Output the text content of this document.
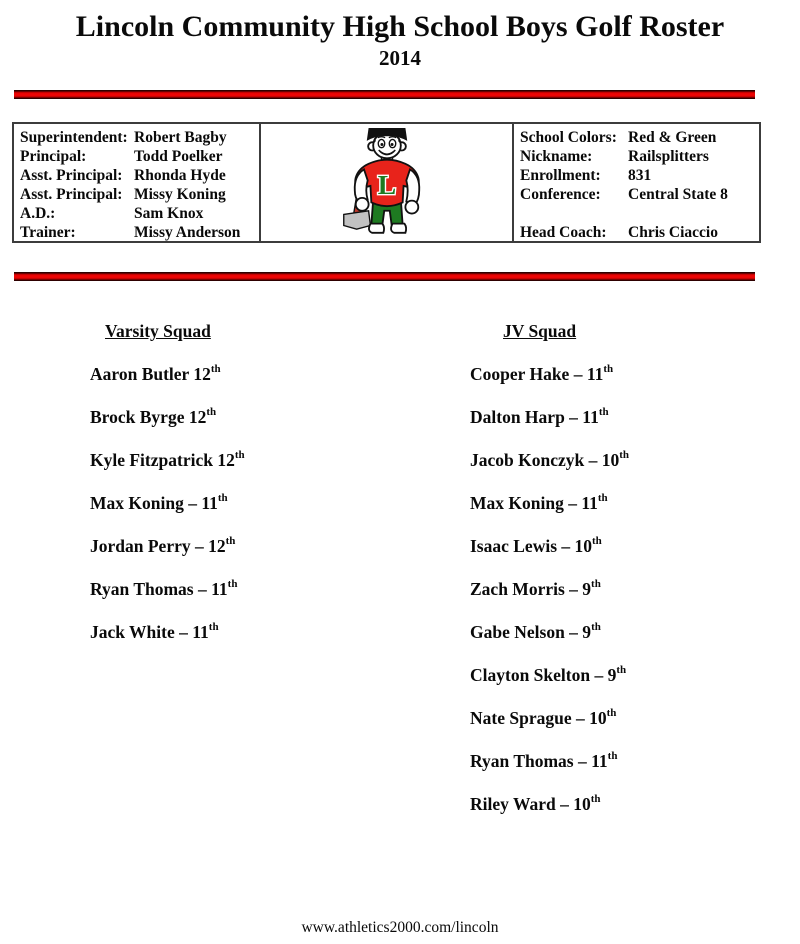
Lincoln Community High School Boys Golf Roster
2014
Superintendent: Robert Bagby
Principal:	Todd Poelker
Asst. Principal: Rhonda Hyde
Asst. Principal: Missy Koning
A.D.:	Sam Knox
Trainer:	Missy Anderson
L
School Colors: Red & Green
Nickname:	Railsplitters
Enrollment:	831
Conference:	Central State 8

Head Coach:	Chris Ciaccio
Varsity Squad
Aaron Butler 12th
Brock Byrge 12th
Kyle Fitzpatrick 12th
Max Koning – 11th
Jordan Perry – 12th
Ryan Thomas – 11th
Jack White – 11th
JV Squad
Cooper Hake – 11th
Dalton Harp – 11th
Jacob Konczyk – 10th
Max Koning – 11th
Isaac Lewis – 10th
Zach Morris – 9th
Gabe Nelson – 9th
Clayton Skelton – 9th
Nate Sprague – 10th
Ryan Thomas – 11th
Riley Ward – 10th
www.athletics2000.com/lincoln
